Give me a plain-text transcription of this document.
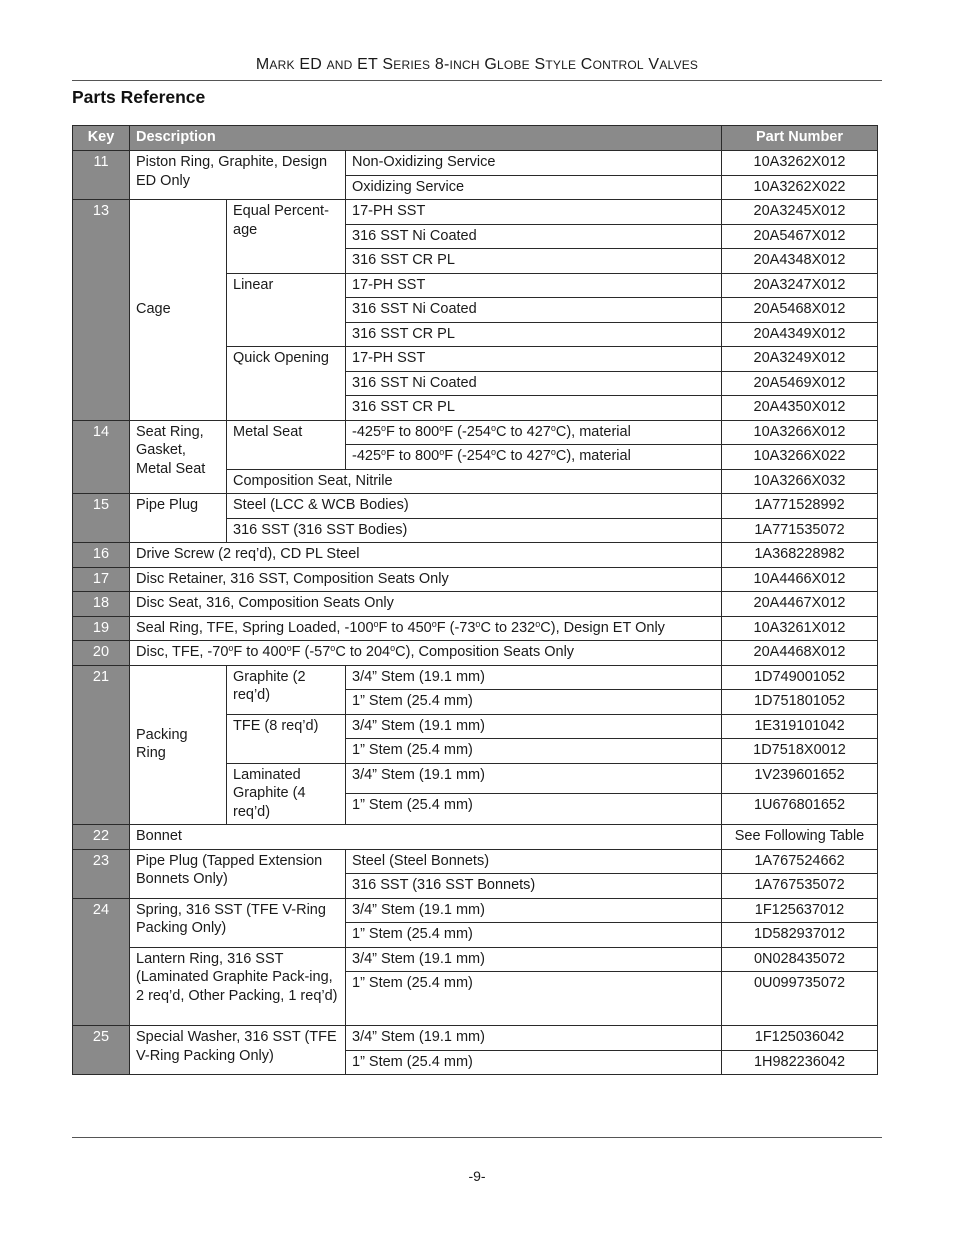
MARK ED AND ET SERIES 8-INCH GLOBE STYLE CONTROL VALVES
Parts Reference
Key	Description			Part Number
11	Piston Ring, Graphite, Design ED Only		Non-Oxidizing Service	10A3262X012
			Oxidizing Service	10A3262X022
13	Cage	Equal Percent-age	17-PH SST	20A3245X012
			316 SST Ni Coated	20A5467X012
			316 SST CR PL	20A4348X012
		Linear	17-PH SST	20A3247X012
			316 SST Ni Coated	20A5468X012
			316 SST CR PL	20A4349X012
		Quick Opening	17-PH SST	20A3249X012
			316 SST Ni Coated	20A5469X012
			316 SST CR PL	20A4350X012
14	Seat Ring, Gasket, Metal Seat	Metal Seat	-425$^o$F to 800$^o$F (-254$^o$C to 427$^o$C), material	10A3266X012
			-425$^o$F to 800$^o$F (-254$^o$C to 427$^o$C), material	10A3266X022
		Composition Seat, Nitrile		10A3266X032
15	Pipe Plug	Steel (LCC & WCB Bodies)		1A771528992
		316 SST (316 SST Bodies)		1A771535072
16	Drive Screw (2 req’d), CD PL Steel			1A368228982
17	Disc Retainer, 316 SST, Composition Seats Only			10A4466X012
18	Disc Seat, 316, Composition Seats Only			20A4467X012
19	Seal Ring, TFE, Spring Loaded, -100$^o$F to 450$^o$F (-73$^o$C to 232$^o$C), Design ET Only			10A3261X012
20	Disc, TFE, -70$^o$F to 400$^o$F (-57$^o$C to 204$^o$C), Composition Seats Only			20A4468X012
21	Packing Ring	Graphite (2 req’d)	3/4” Stem (19.1 mm)	1D749001052
			1” Stem (25.4 mm)	1D751801052
		TFE (8 req’d)	3/4” Stem (19.1 mm)	1E319101042
			1” Stem (25.4 mm)	1D7518X0012
		Laminated Graphite (4 req’d)	3/4” Stem (19.1 mm)	1V239601652
			1” Stem (25.4 mm)	1U676801652
22	Bonnet			See Following Table
23	Pipe Plug (Tapped Extension Bonnets Only)		Steel (Steel Bonnets)	1A767524662
			316 SST (316 SST Bonnets)	1A767535072
24	Spring, 316 SST (TFE V-Ring Packing Only)		3/4” Stem (19.1 mm)	1F125637012
			1” Stem (25.4 mm)	1D582937012
	Lantern Ring, 316 SST (Laminated Graphite Pack-ing, 2 req’d, Other Packing, 1 req’d)		3/4” Stem (19.1 mm)	0N028435072
			1” Stem (25.4 mm)	0U099735072
25	Special Washer, 316 SST (TFE V-Ring Packing Only)		3/4” Stem (19.1 mm)	1F125036042
			1” Stem (25.4 mm)	1H982236042
-9-
